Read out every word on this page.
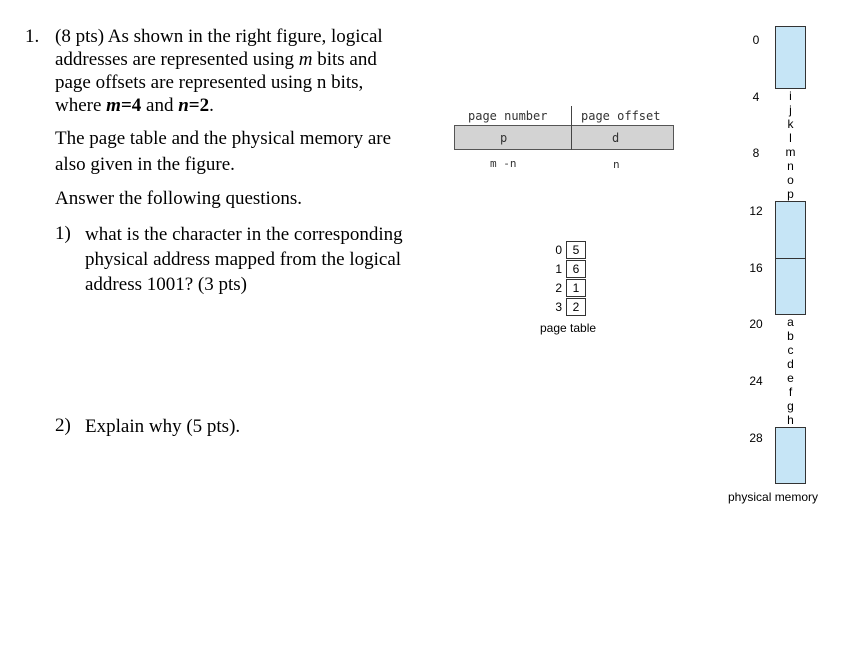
1. (8 pts) As shown in the right figure, logical

addresses are represented using m bits and

page offsets are represented using n bits,

where m=4 and n=2.

The page table and the physical memory are
also given in the figure.
Answer the following questions.
1) what is the character in the corresponding
physical address mapped from the logical
address 1001? (3 pts)
2) Explain why (5 pts).
page number	page offset
p	d
m -n	n
0 5
1 6
2 1
3 2
page table
0
4
8
12
16
20
24
28
i
j
k
l
m
n
o
p
a
b
c
d
e
f
g
h
physical memory
